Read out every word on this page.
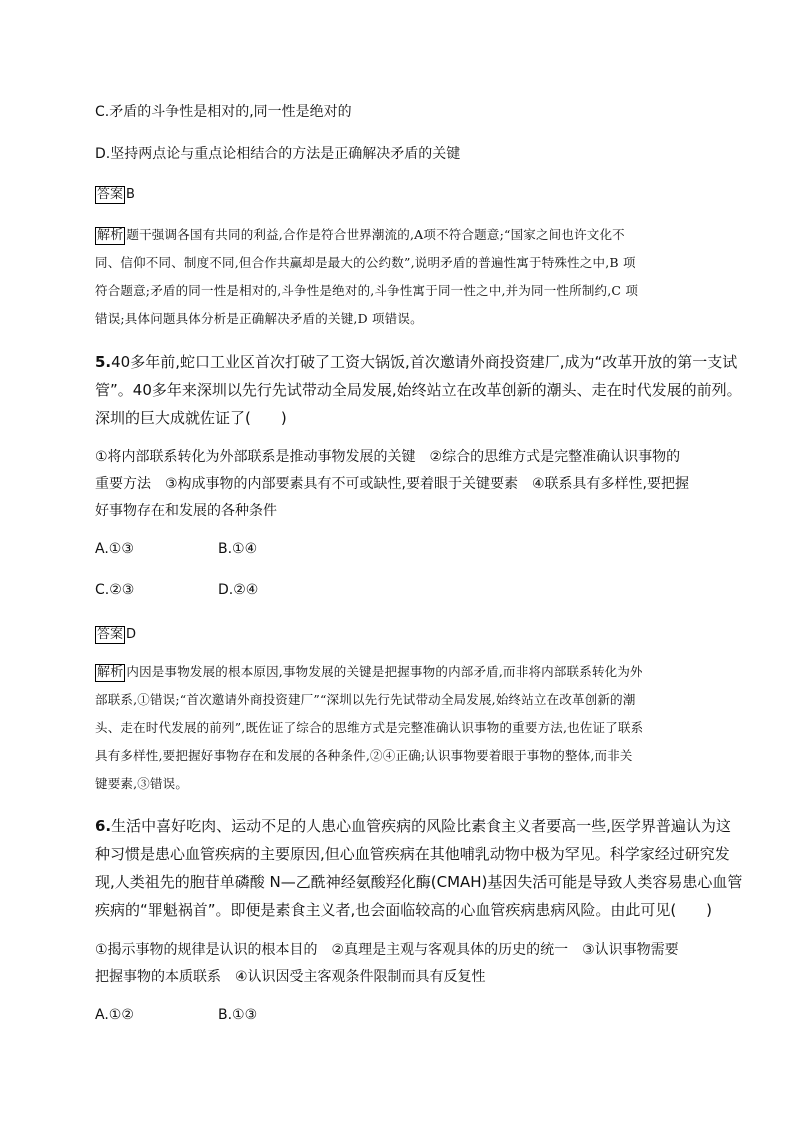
C.矛盾的斗争性是相对的,同一性是绝对的
D.坚持两点论与重点论相结合的方法是正确解决矛盾的关键
答案 B
解析 题干强调各国有共同的利益,合作是符合世界潮流的,A项不符合题意;“国家之间也许文化不
同、信仰不同、制度不同,但合作共赢却是最大的公约数”,说明矛盾的普遍性寓于特殊性之中,B 项
符合题意;矛盾的同一性是相对的,斗争性是绝对的,斗争性寓于同一性之中,并为同一性所制约,C 项
错误;具体问题具体分析是正确解决矛盾的关键,D 项错误。
5.40多年前,蛇口工业区首次打破了工资大锅饭,首次邀请外商投资建厂,成为“改革开放的第一支试
管”。40多年来深圳以先行先试带动全局发展,始终站立在改革创新的潮头、走在时代发展的前列。
深圳的巨大成就佐证了(　　)
①将内部联系转化为外部联系是推动事物发展的关键　②综合的思维方式是完整准确认识事物的
重要方法　③构成事物的内部要素具有不可或缺性,要着眼于关键要素　④联系具有多样性,要把握
好事物存在和发展的各种条件
A.①③	B.①④
C.②③	D.②④
答案 D
解析 内因是事物发展的根本原因,事物发展的关键是把握事物的内部矛盾,而非将内部联系转化为外
部联系,①错误;“首次邀请外商投资建厂”“深圳以先行先试带动全局发展,始终站立在改革创新的潮
头、走在时代发展的前列”,既佐证了综合的思维方式是完整准确认识事物的重要方法,也佐证了联系
具有多样性,要把握好事物存在和发展的各种条件,②④正确;认识事物要着眼于事物的整体,而非关
键要素,③错误。
6.生活中喜好吃肉、运动不足的人患心血管疾病的风险比素食主义者要高一些,医学界普遍认为这
种习惯是患心血管疾病的主要原因,但心血管疾病在其他哺乳动物中极为罕见。科学家经过研究发
现,人类祖先的胞苷单磷酸 N—乙酰神经氨酸羟化酶(CMAH)基因失活可能是导致人类容易患心血管
疾病的“罪魁祸首”。即便是素食主义者,也会面临较高的心血管疾病患病风险。由此可见(　　)
①揭示事物的规律是认识的根本目的　②真理是主观与客观具体的历史的统一　③认识事物需要
把握事物的本质联系　④认识因受主客观条件限制而具有反复性
A.①②	B.①③
